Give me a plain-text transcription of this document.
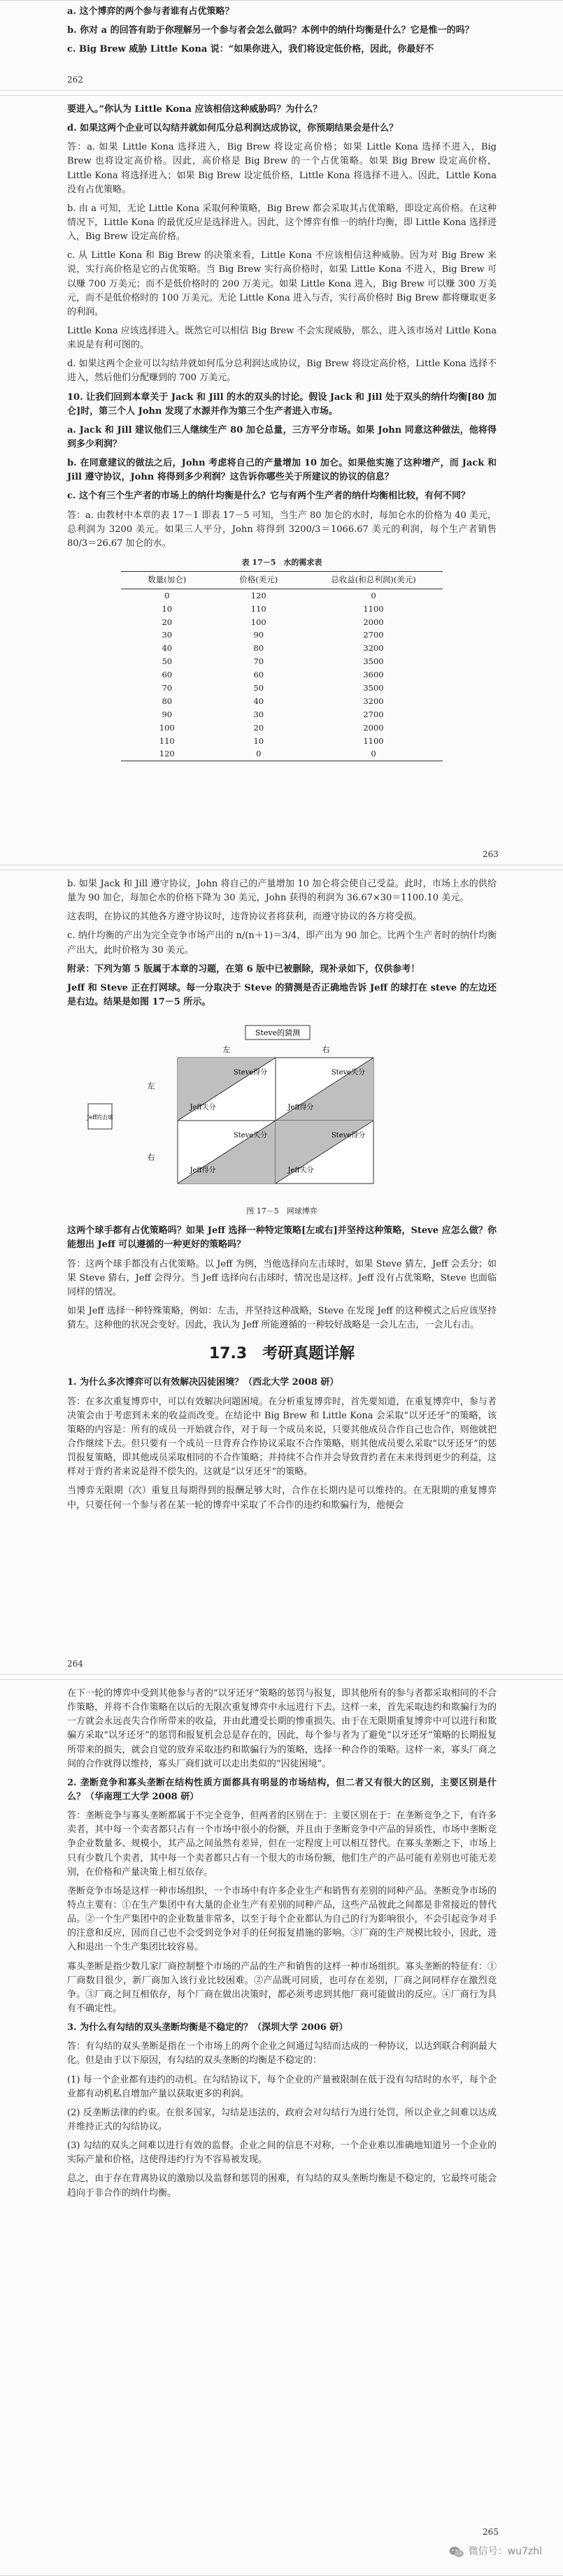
a. 这个博弈的两个参与者谁有占优策略？

b. 你对 a 的回答有助于你理解另一个参与者会怎么做吗？本例中的纳什均衡是什么？它是惟一的吗？

c. Big Brew 威胁 Little Kona 说：“如果你进入，我们将设定低价格，因此，你最好不

262

要进入。”你认为 Little Kona 应该相信这种威胁吗？为什么？

d. 如果这两个企业可以勾结并就如何瓜分总利润达成协议，你预期结果会是什么？

答：a. 如果 Little Kona 选择进入，Big Brew 将设定高价格；如果 Little Kona 选择不进入，Big Brew 也将设定高价格。因此，高价格是 Big Brew 的一个占优策略。如果 Big Brew 设定高价格，Little Kona 将选择进入；如果 Big Brew 设定低价格，Little Kona 将选择不进入。因此，Little Kona 没有占优策略。

b. 由 a 可知，无论 Little Kona 采取何种策略，Big Brew 都会采取其占优策略，即设定高价格。在这种情况下，Little Kona 的最优反应是选择进入。因此，这个博弈有惟一的纳什均衡，即 Little Kona 选择进入，Big Brew 设定高价格。

c. 从 Little Kona 和 Big Brew 的决策来看，Little Kona 不应该相信这种威胁。因为对 Big Brew 来说，实行高价格是它的占优策略。当 Big Brew 实行高价格时，如果 Little Kona 不进入，Big Brew 可以赚 700 万美元；而不是低价格时的 200 万美元。如果 Little Kona 进入，Big Brew 可以赚 300 万美元，而不是低价格时的 100 万美元。无论 Little Kona 进入与否，实行高价格时 Big Brew 都将赚取更多的利润。

Little Kona 应该选择进入。既然它可以相信 Big Brew 不会实现威胁，那么，进入该市场对 Little Kona 来说是有利可图的。

d. 如果这两个企业可以勾结并就如何瓜分总利润达成协议，Big Brew 将设定高价格，Little Kona 选择不进入，然后他们分配赚到的 700 万美元。

10. 让我们回到本章关于 Jack 和 Jill 的水的双头的讨论。假设 Jack 和 Jill 处于双头的纳什均衡[80 加仑]时，第三个人 John 发现了水源并作为第三个生产者进入市场。

a. Jack 和 Jill 建议他们三人继续生产 80 加仑总量，三方平分市场。如果 John 同意这种做法，他将得到多少利润？

b. 在同意建议的做法之后，John 考虑将自己的产量增加 10 加仑。如果他实施了这种增产，而 Jack 和 Jill 遵守协议，John 将得到多少利润？这告诉你哪些关于所建议的协议的信息？

c. 这个有三个生产者的市场上的纳什均衡是什么？它与有两个生产者的纳什均衡相比较，有何不同？

答：a. 由教材中本章的表 17－1 即表 17－5 可知，当生产 80 加仑的水时，每加仑水的价格为 40 美元，总利润为 3200 美元。如果三人平分，John 将得到 3200/3＝1066.67 美元的利润，每个生产者销售 80/3＝26.67 加仑的水。

表 17－5　水的需求表
数量(加仑)	价格(美元)	总收益(和总利润)(美元)
0	120	0
10	110	1100
20	100	2000
30	90	2700
40	80	3200
50	70	3500
60	60	3600
70	50	3500
80	40	3200
90	30	2700
100	20	2000
110	10	1100
120	0	0
263

b. 如果 Jack 和 Jill 遵守协议，John 将自己的产量增加 10 加仑将会使自己受益。此时，市场上水的供给量为 90 加仑，每加仑水的价格下降为 30 美元，John 获得的利润为 36.67×30＝1100.10 美元。

这表明，在协议的其他各方遵守协议时，违背协议者将获利，而遵守协议的各方将受损。

c. 纳什均衡的产出为完全竞争市场产出的 n/(n＋1)＝3/4，即产出为 90 加仑。比两个生产者时的纳什均衡产出大，此时价格为 30 美元。

附录：下列为第 5 版属于本章的习题，在第 6 版中已被删除，现补录如下，仅供参考！

Jeff 和 Steve 正在打网球。每一分取决于 Steve 的猜测是否正确地告诉 Jeff 的球打在 steve 的左边还是右边。结果是如图 17－5 所示。

Steve的猜测
左	右
Jeff的击球
左
右
Steve得分
Jeff失分
Steve失分
Jeff得分
Steve失分
Jeff得分
Steve得分
Jeff失分
图 17－5　网球博弈

这两个球手都有占优策略吗？如果 Jeff 选择一种特定策略[左或右]并坚持这种策略，Steve 应怎么做？你能想出 Jeff 可以遵循的一种更好的策略吗？

答：这两个球手都没有占优策略。以 Jeff 为例，当他选择向左击球时，如果 Steve 猜左，Jeff 会丢分；如果 Steve 猜右，Jeff 会得分。当 Jeff 选择向右击球时，情况也是这样。Jeff 没有占优策略，Steve 也面临同样的情况。

如果 Jeff 选择一种特殊策略，例如：左击，并坚持这种战略，Steve 在发现 Jeff 的这种模式之后应该坚持猜左。这种他的状况会变好。因此，我认为 Jeff 所能遵循的一种较好战略是一会儿左击，一会儿右击。

17.3　考研真题详解

1. 为什么多次博弈可以有效解决囚徒困境？（西北大学 2008 研）

答：在多次重复博弈中，可以有效解决问题困境。在分析重复博弈时，首先要知道，在重复博弈中，参与者决策会由于考虑到未来的收益而改变。在结论中 Big Brew 和 Little Kona 会采取“以牙还牙”的策略，该策略的内容是：所有的成员一开始就合作，对于每一个成员来说，只要其他成员合作自己也合作，则他就把合作继续下去。但只要有一个成员一旦背弃合作协议采取不合作策略，则其他成员要么采取“以牙还牙”的惩罚报复策略，即其他成员采取相同的不合作策略；并持续不合作并会导致背约者在未来得到更少的利益，这样对于背约者来说是得不偿失的。这就是“以牙还牙”的策略。

当博弈无限期（次）重复且每期得到的报酬足够大时，合作在长期内是可以维持的。在无限期的重复博弈中，只要任何一个参与者在某一轮的博弈中采取了不合作的违约和欺骗行为，他便会

264

在下一轮的博弈中受到其他参与者的“以牙还牙”策略的惩罚与报复，即其他所有的参与者都采取相同的不合作策略，并将不合作策略在以后的无限次重复博弈中永远进行下去。这样一来，首先采取违约和欺骗行为的一方就会永远丧失合作所带来的收益，并由此遭受长期的惨重损失。由于在无限期重复博弈中可以进行和欺骗方采取“以牙还牙”的惩罚和报复机会总是存在的，因此，每个参与者为了避免“以牙还牙”策略的长期报复所带来的损失，就会自觉的放弃采取违约和欺骗行为的策略，选择一种合作的策略。这样一来，寡头厂商之间的合作就得以维持，寡头厂商们就可以走出类似的“囚徒困境”。

2. 垄断竞争和寡头垄断在结构性质方面都具有明显的市场结构，但二者又有很大的区别，主要区别是什么？（华南理工大学 2008 研）

答：垄断竞争与寡头垄断都属于不完全竞争，但两者的区别在于：主要区别在于：在垄断竞争之下，有许多卖者，其中每一个卖者都只占有一个市场中很小的份额，并且由于垄断竞争中产品的异质性，市场中垄断竞争企业数量多、规模小，其产品之间虽然有差异，但在一定程度上可以相互替代。在寡头垄断之下，市场上只有少数几个卖者，其中每一个卖者都只占有一个很大的市场份额，他们生产的产品可能有差别也可能无差别，在价格和产量决策上相互依存。

垄断竞争市场是这样一种市场组织，一个市场中有许多企业生产和销售有差别的同种产品。垄断竞争市场的特点主要有：①在生产集团中有大量的企业生产有差别的同种产品，这些产品彼此之间都是非常接近的替代品。②一个生产集团中的企业数量非常多，以至于每个企业都认为自己的行为影响很小，不会引起竞争对手的注意和反应，因而自己也不会受到竞争对手的任何报复措施的影响。③厂商的生产规模比较小，因此，进入和退出一个生产集团比较容易。

寡头垄断是指少数几家厂商控制整个市场的产品的生产和销售的这样一种市场组织。寡头垄断的特征有：①厂商数目很少，新厂商加入该行业比较困难。②产品既可同质，也可存在差别，厂商之间同样存在激烈竞争。③厂商之间互相依存，每个厂商在做出决策时，都必须考虑到其他厂商可能做出的反应。④厂商行为具有不确定性。

3. 为什么有勾结的双头垄断均衡是不稳定的？（深圳大学 2006 研）

答：有勾结的双头垄断是指在一个市场上的两个企业之间通过勾结而达成的一种协议，以达到联合利润最大化。但是由于以下原因，有勾结的双头垄断的均衡是不稳定的：

(1) 每一个企业都有违约的动机。在勾结协议下，每个企业的产量被限制在低于没有勾结时的水平，每个企业都有动机私自增加产量以获取更多的利润。

(2) 反垄断法律的约束。在很多国家，勾结是违法的，政府会对勾结行为进行处罚，所以企业之间难以达成并维持正式的勾结协议。

(3) 勾结的双头之间难以进行有效的监督。企业之间的信息不对称，一个企业难以准确地知道另一个企业的实际产量和价格，这使得违约行为不容易被发现。

总之，由于存在背离协议的激励以及监督和惩罚的困难，有勾结的双头垄断均衡是不稳定的，它最终可能会趋向于非合作的纳什均衡。

265
微信号：wu7zhl
